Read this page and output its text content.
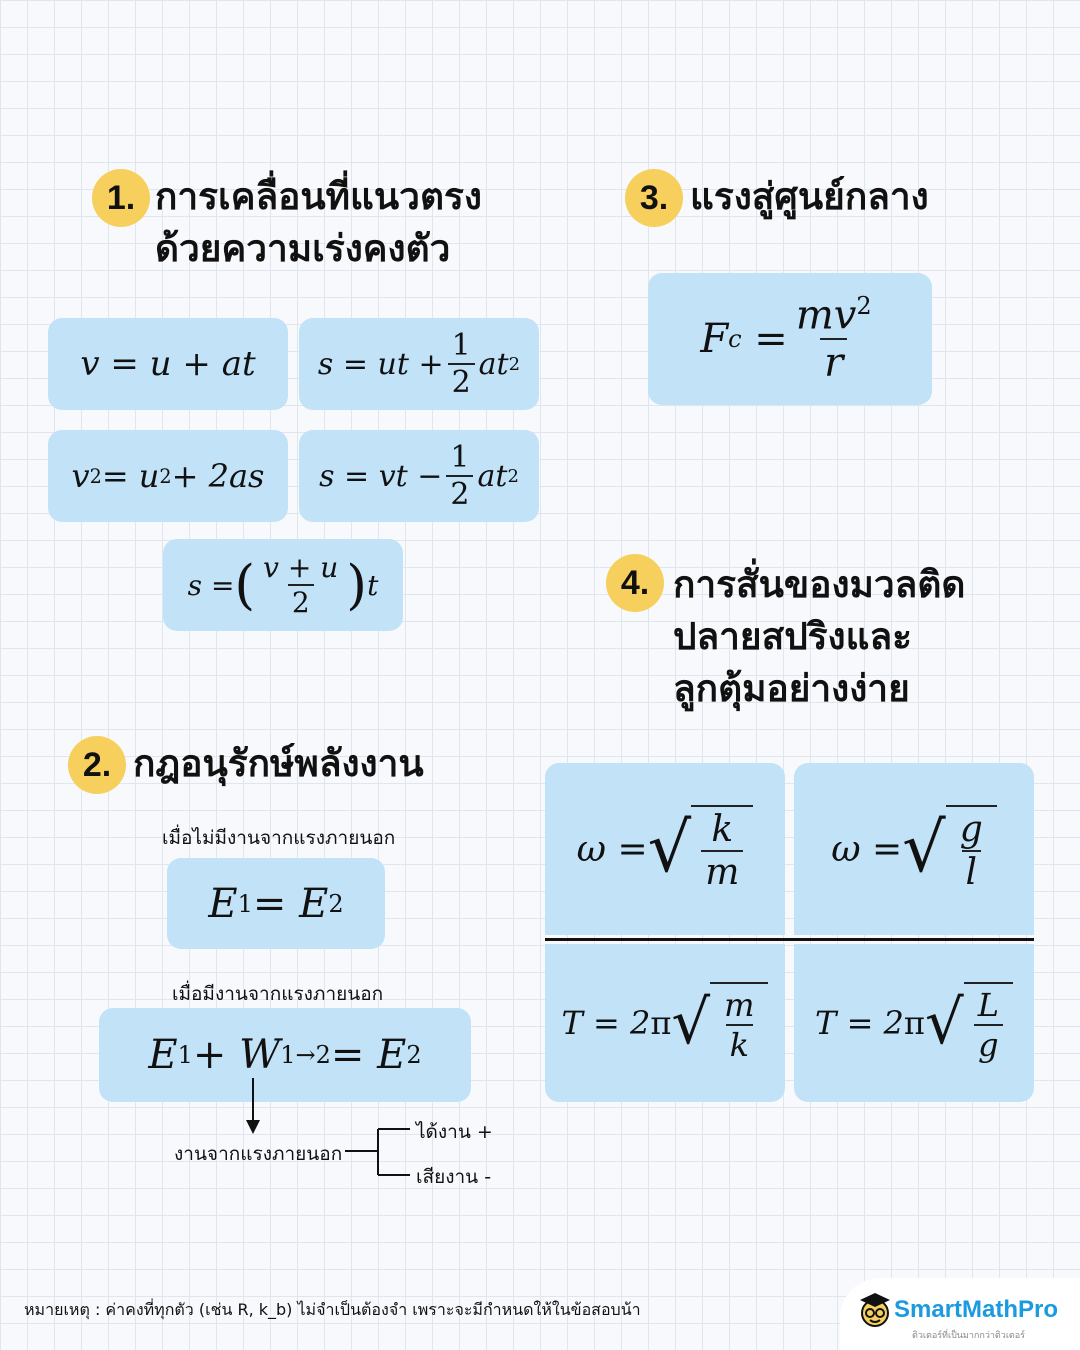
1. การเคลื่อนที่แนวตรง
ด้วยความเร่งคงตัว
v = u + at	s = ut + $\frac{1}{2}$ at 2
v 2 = u 2 + 2as	s = vt − $\frac{1}{2}$ at 2
s = ( $\frac{v + u}{2}$ ) t
3. แรงสู่ศูนย์กลาง
F $c = \frac{mv^2}{r}$
4. การสั่นของมวลติด
ปลายสปริงและ
ลูกตุ้มอย่างง่าย
ω = √ $\frac{k}{m}$	ω = √ $\frac{g}{l}$
T = 2 π √ $\frac{m}{k}$	T = 2 π √ $\frac{L}{g}$
2. กฎอนุรักษ์พลังงาน
เมื่อไม่มีงานจากแรงภายนอก
E 1 = E 2
เมื่อมีงานจากแรงภายนอก
E 1 + W 1→2 = E 2
งานจากแรงภายนอก
ได้งาน +
เสียงาน -
หมายเหตุ : ค่าคงที่ทุกตัว (เช่น R, k_b) ไม่จำเป็นต้องจำ เพราะจะมีกำหนดให้ในข้อสอบน้า	SmartMathPro
ติวเตอร์ที่เป็นมากกว่าติวเตอร์
